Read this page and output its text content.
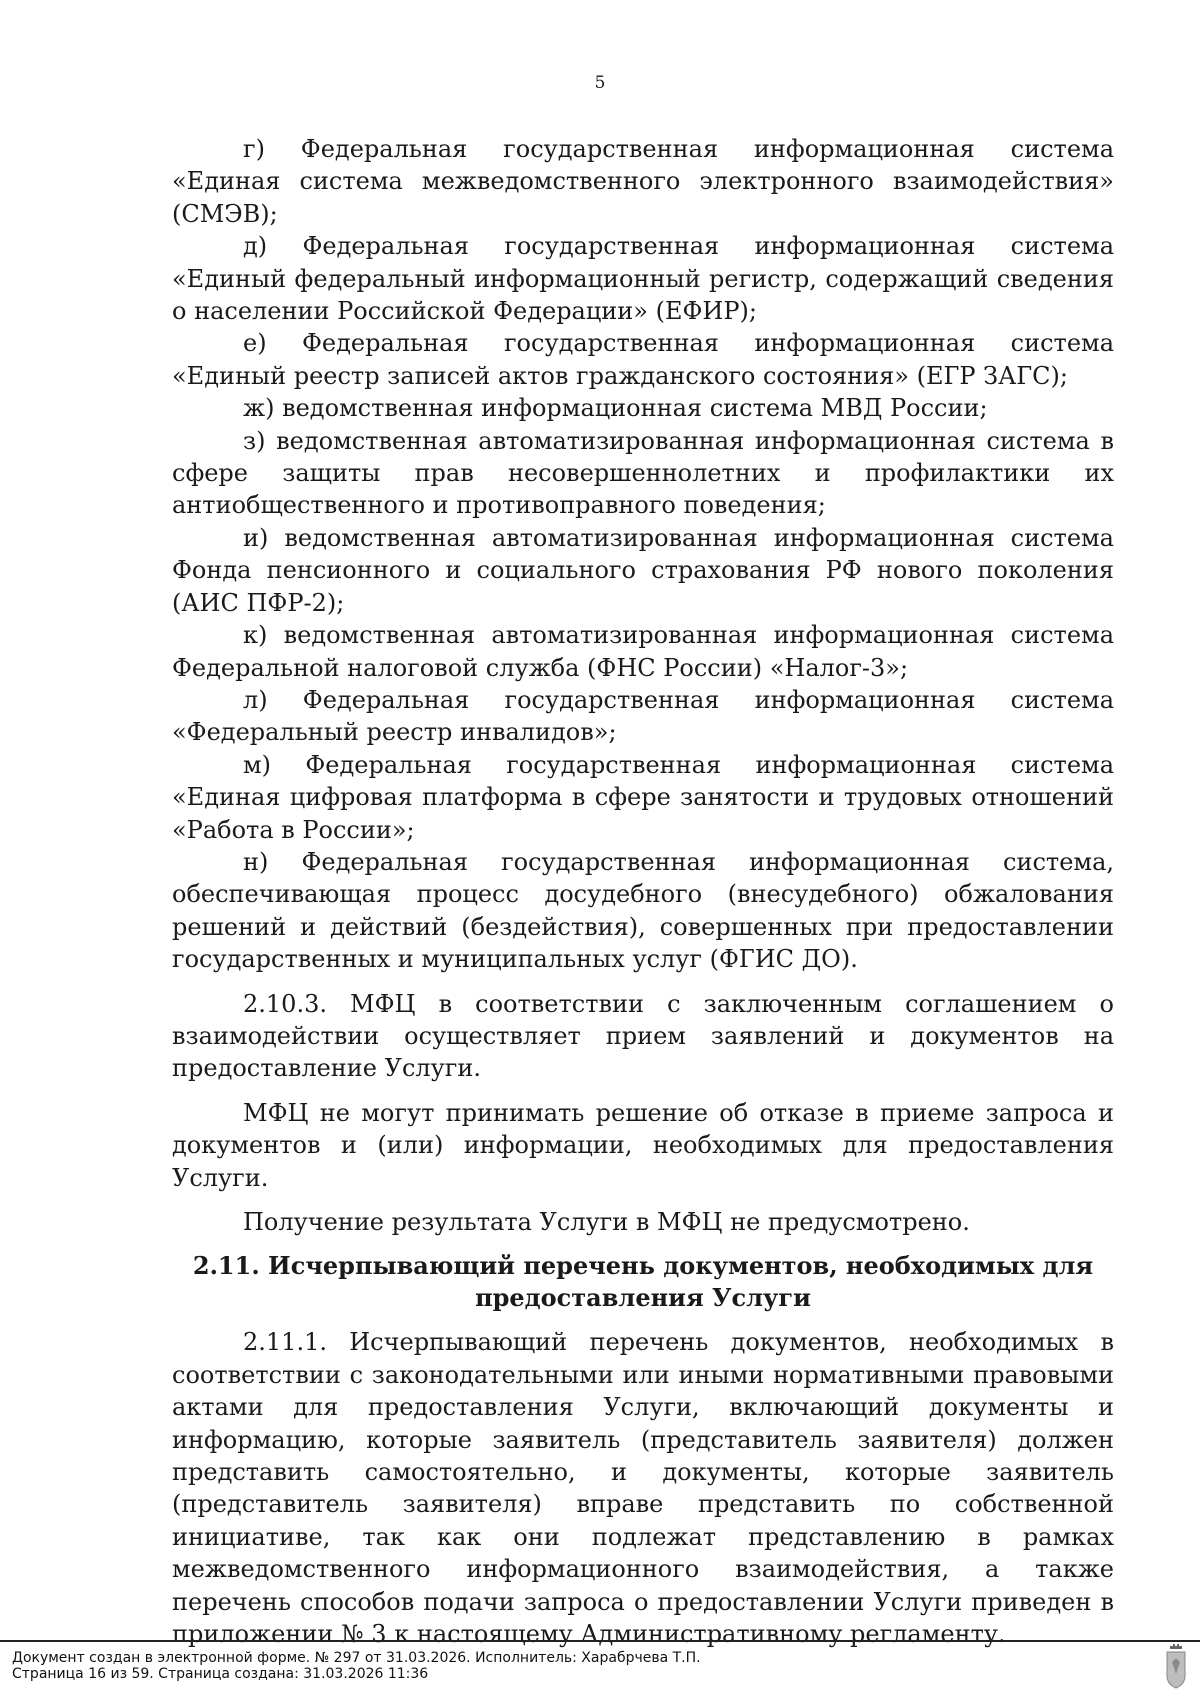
5

г) Федеральная государственная информационная система «Единая система межведомственного электронного взаимодействия» (СМЭВ);

д) Федеральная государственная информационная система «Единый федеральный информационный регистр, содержащий сведения о населении Российской Федерации» (ЕФИР);

е) Федеральная государственная информационная система «Единый реестр записей актов гражданского состояния» (ЕГР ЗАГС);

ж) ведомственная информационная система МВД России;

з) ведомственная автоматизированная информационная система в сфере защиты прав несовершеннолетних и профилактики их антиобщественного и противоправного поведения;

и) ведомственная автоматизированная информационная система Фонда пенсионного и социального страхования РФ нового поколения (АИС ПФР-2);

к) ведомственная автоматизированная информационная система Федеральной налоговой служба (ФНС России) «Налог-3»;

л) Федеральная государственная информационная система «Федеральный реестр инвалидов»;

м) Федеральная государственная информационная система «Единая цифровая платформа в сфере занятости и трудовых отношений «Работа в России»;

н) Федеральная государственная информационная система, обеспечивающая процесс досудебного (внесудебного) обжалования решений и действий (бездействия), совершенных при предоставлении государственных и муниципальных услуг (ФГИС ДО).

2.10.3. МФЦ в соответствии с заключенным соглашением о взаимодействии осуществляет прием заявлений и документов на предоставление Услуги.

МФЦ не могут принимать решение об отказе в приеме запроса и документов и (или) информации, необходимых для предоставления Услуги.

Получение результата Услуги в МФЦ не предусмотрено.

2.11. Исчерпывающий перечень документов, необходимых для предоставления Услуги

2.11.1. Исчерпывающий перечень документов, необходимых в соответствии с законодательными или иными нормативными правовыми актами для предоставления Услуги, включающий документы и информацию, которые заявитель (представитель заявителя) должен представить самостоятельно, и документы, которые заявитель (представитель заявителя) вправе представить по собственной инициативе, так как они подлежат представлению в рамках межведомственного информационного взаимодействия, а также перечень способов подачи запроса о предоставлении Услуги приведен в приложении № 3 к настоящему Административному регламенту.

Документ создан в электронной форме. № 297 от 31.03.2026. Исполнитель: Харабрчева Т.П.
Страница 16 из 59. Страница создана: 31.03.2026 11:36
